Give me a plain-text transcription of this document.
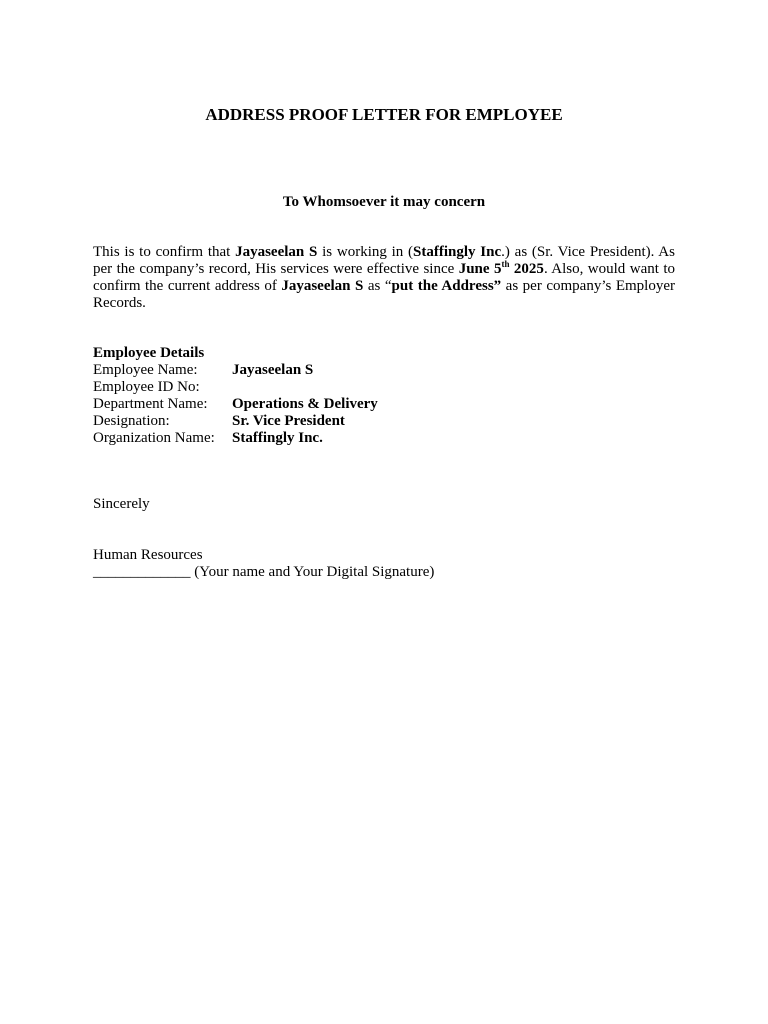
ADDRESS PROOF LETTER FOR EMPLOYEE
To Whomsoever it may concern
This is to confirm that Jayaseelan S is working in (Staffingly Inc.) as (Sr. Vice President). As per the company’s record, His services were effective since June 5th 2025. Also, would want to confirm the current address of Jayaseelan S as “put the Address” as per company’s Employer Records.
Employee Details
Employee Name:	Jayaseelan S
Employee ID No:
Department Name:	Operations & Delivery
Designation:	Sr. Vice President
Organization Name:	Staffingly Inc.
Sincerely
Human Resources
_____________ (Your name and Your Digital Signature)
